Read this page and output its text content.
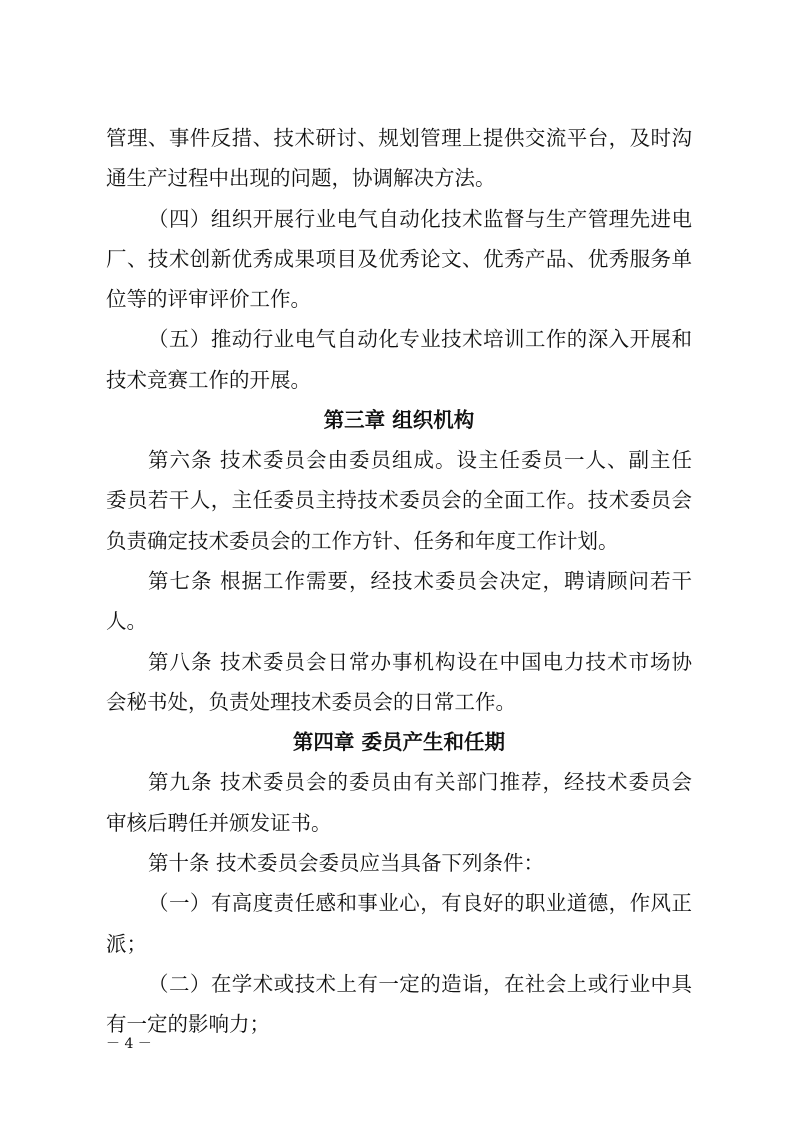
管理、事件反措、技术研讨、规划管理上提供交流平台，及时沟
通生产过程中出现的问题，协调解决方法。
（四）组织开展行业电气自动化技术监督与生产管理先进电
厂、技术创新优秀成果项目及优秀论文、优秀产品、优秀服务单
位等的评审评价工作。
（五）推动行业电气自动化专业技术培训工作的深入开展和
技术竞赛工作的开展。
第三章 组织机构
第六条 技术委员会由委员组成。设主任委员一人、副主任
委员若干人，主任委员主持技术委员会的全面工作。技术委员会
负责确定技术委员会的工作方针、任务和年度工作计划。
第七条 根据工作需要，经技术委员会决定，聘请顾问若干
人。
第八条 技术委员会日常办事机构设在中国电力技术市场协
会秘书处，负责处理技术委员会的日常工作。
第四章 委员产生和任期
第九条 技术委员会的委员由有关部门推荐，经技术委员会
审核后聘任并颁发证书。
第十条 技术委员会委员应当具备下列条件：
（一）有高度责任感和事业心，有良好的职业道德，作风正
派；
（二）在学术或技术上有一定的造诣，在社会上或行业中具
有一定的影响力；
－ 4 －
